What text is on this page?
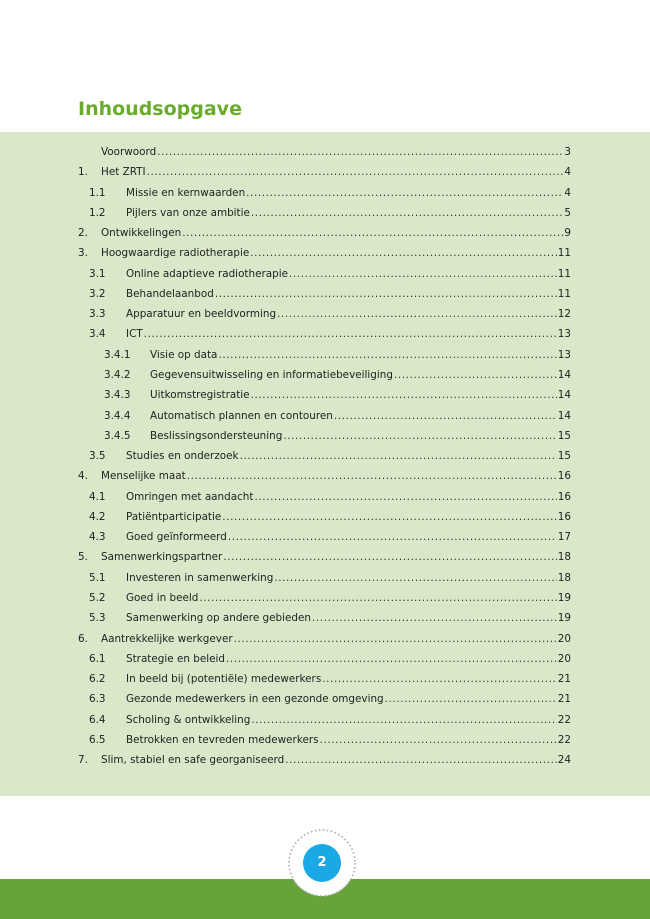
Inhoudsopgave
Voorwoord .....	3
1.	Het ZRTI .....	4
1.1	Missie en kernwaarden .....	4
1.2	Pijlers van onze ambitie .....	5
2.	Ontwikkelingen .....	9
3.	Hoogwaardige radiotherapie .....	11
3.1	Online adaptieve radiotherapie .....	11
3.2	Behandelaanbod .....	11
3.3	Apparatuur en beeldvorming .....	12
3.4	ICT .....	13
3.4.1	Visie op data .....	13
3.4.2	Gegevensuitwisseling en informatiebeveiliging .....	14
3.4.3	Uitkomstregistratie .....	14
3.4.4	Automatisch plannen en contouren .....	14
3.4.5	Beslissingsondersteuning .....	15
3.5	Studies en onderzoek .....	15
4.	Menselijke maat .....	16
4.1	Omringen met aandacht .....	16
4.2	Patiëntparticipatie .....	16
4.3	Goed geïnformeerd .....	17
5.	Samenwerkingspartner .....	18
5.1	Investeren in samenwerking .....	18
5.2	Goed in beeld .....	19
5.3	Samenwerking op andere gebieden .....	19
6.	Aantrekkelijke werkgever .....	20
6.1	Strategie en beleid .....	20
6.2	In beeld bij (potentiële) medewerkers .....	21
6.3	Gezonde medewerkers in een gezonde omgeving .....	21
6.4	Scholing & ontwikkeling .....	22
6.5	Betrokken en tevreden medewerkers .....	22
7.	Slim, stabiel en safe georganiseerd .....	24
2
